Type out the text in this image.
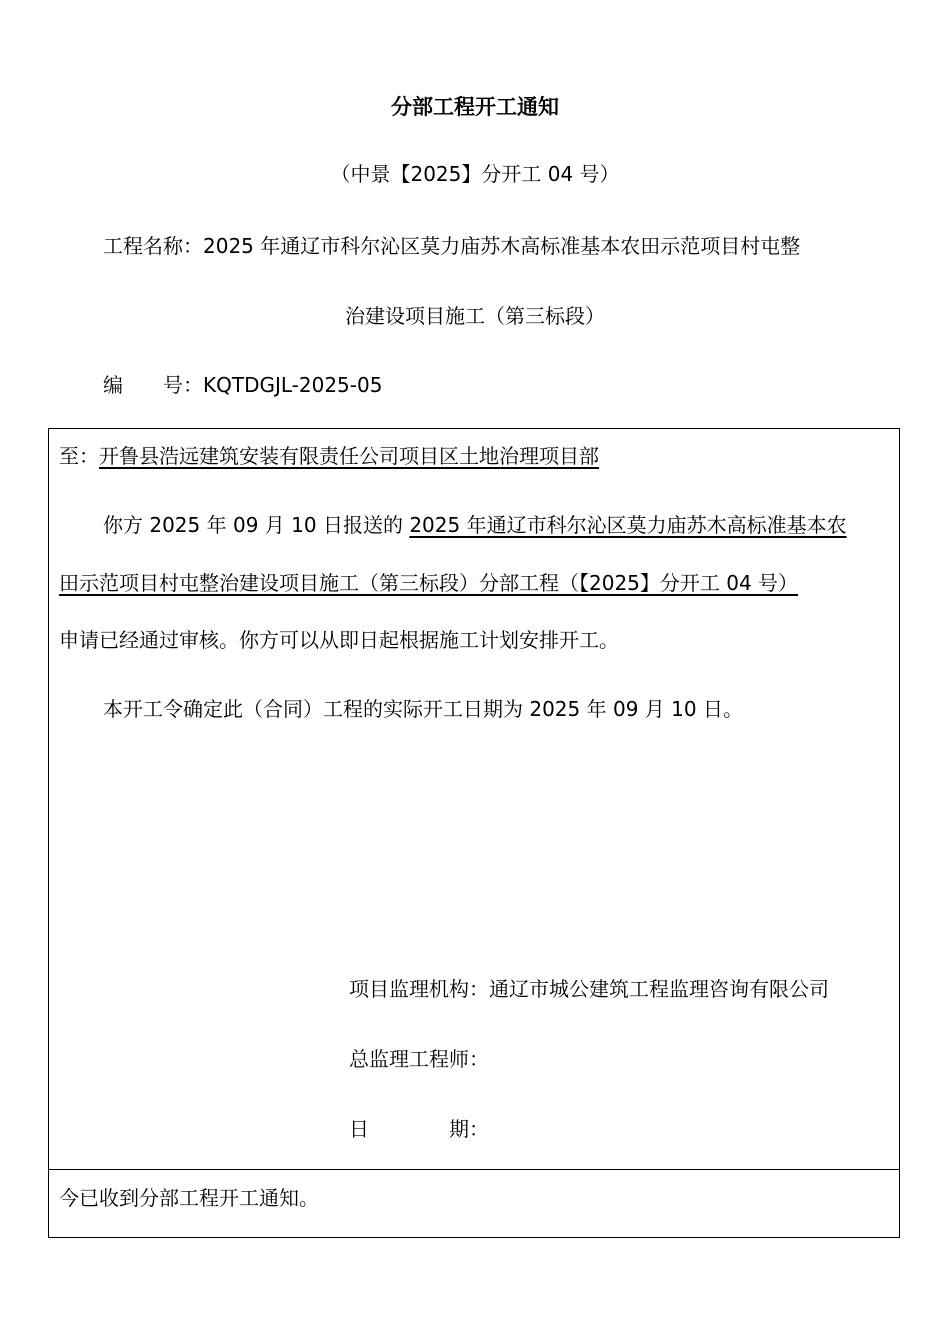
分部工程开工通知
（中景【2025】分开工 04 号）
工程名称：2025 年通辽市科尔沁区莫力庙苏木高标准基本农田示范项目村屯整
治建设项目施工（第三标段）
编　　号：KQTDGJL-2025-05
至：开鲁县浩远建筑安装有限责任公司项目区土地治理项目部
你方 2025 年 09 月 10 日报送的 2025 年通辽市科尔沁区莫力庙苏木高标准基本农
田示范项目村屯整治建设项目施工（第三标段）分部工程（【2025】分开工 04 号）
申请已经通过审核。你方可以从即日起根据施工计划安排开工。
本开工令确定此（合同）工程的实际开工日期为 2025 年 09 月 10 日。
项目监理机构：通辽市城公建筑工程监理咨询有限公司
总监理工程师：
日　　　　期：
今已收到分部工程开工通知。
